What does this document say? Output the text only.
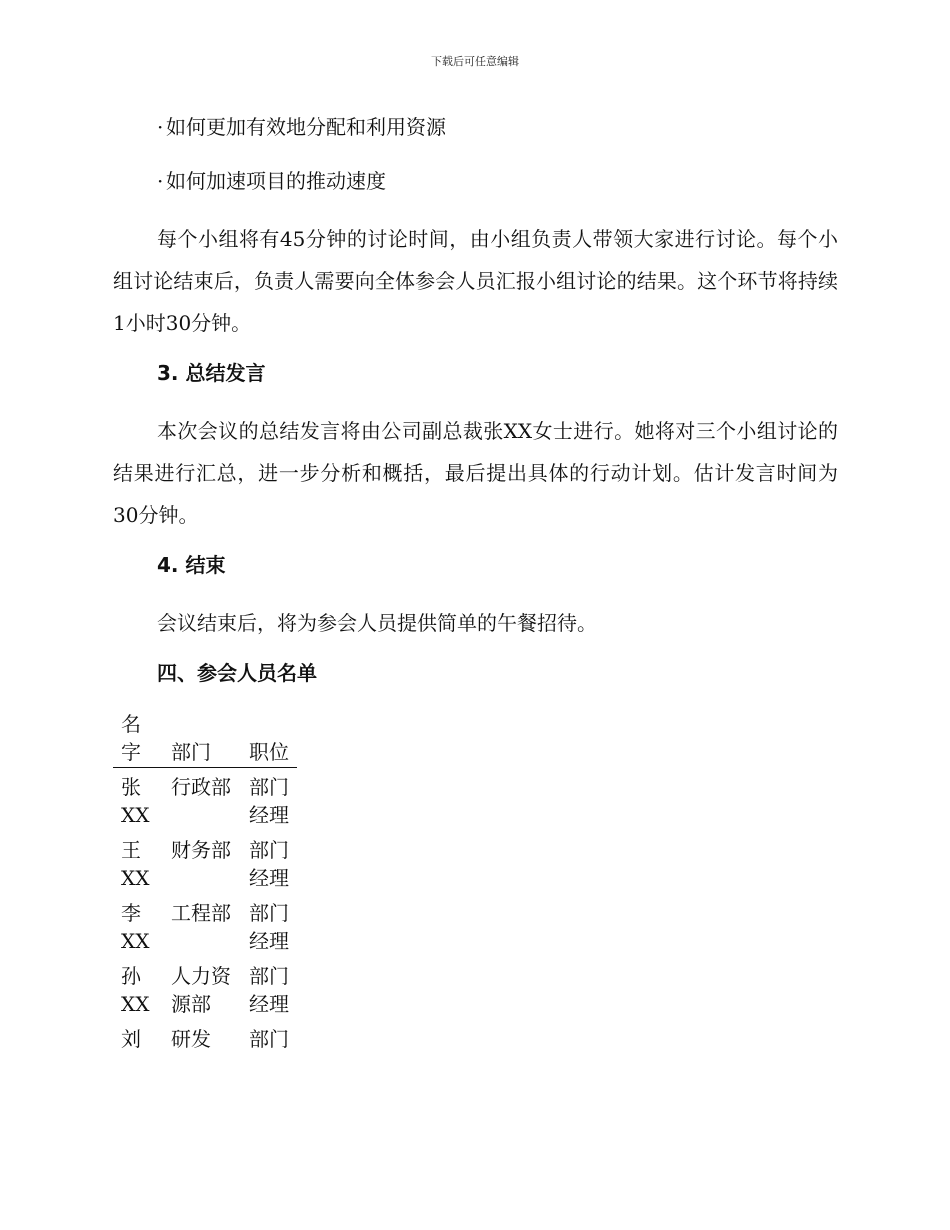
下载后可任意编辑
· 如何更加有效地分配和利用资源
· 如何加速项目的推动速度

每个小组将有45分钟的讨论时间，由小组负责人带领大家进行讨论。每个小组讨论结束后，负责人需要向全体参会人员汇报小组讨论的结果。这个环节将持续1小时30分钟。

3. 总结发言

本次会议的总结发言将由公司副总裁张XX女士进行。她将对三个小组讨论的结果进行汇总，进一步分析和概括，最后提出具体的行动计划。估计发言时间为30分钟。

4. 结束

会议结束后，将为参会人员提供简单的午餐招待。

四、参会人员名单
名字	部门	职位
张XX	行政部	部门经理
王XX	财务部	部门经理
李XX	工程部	部门经理
孙XX	人力资源部	部门经理
刘	研发	部门
